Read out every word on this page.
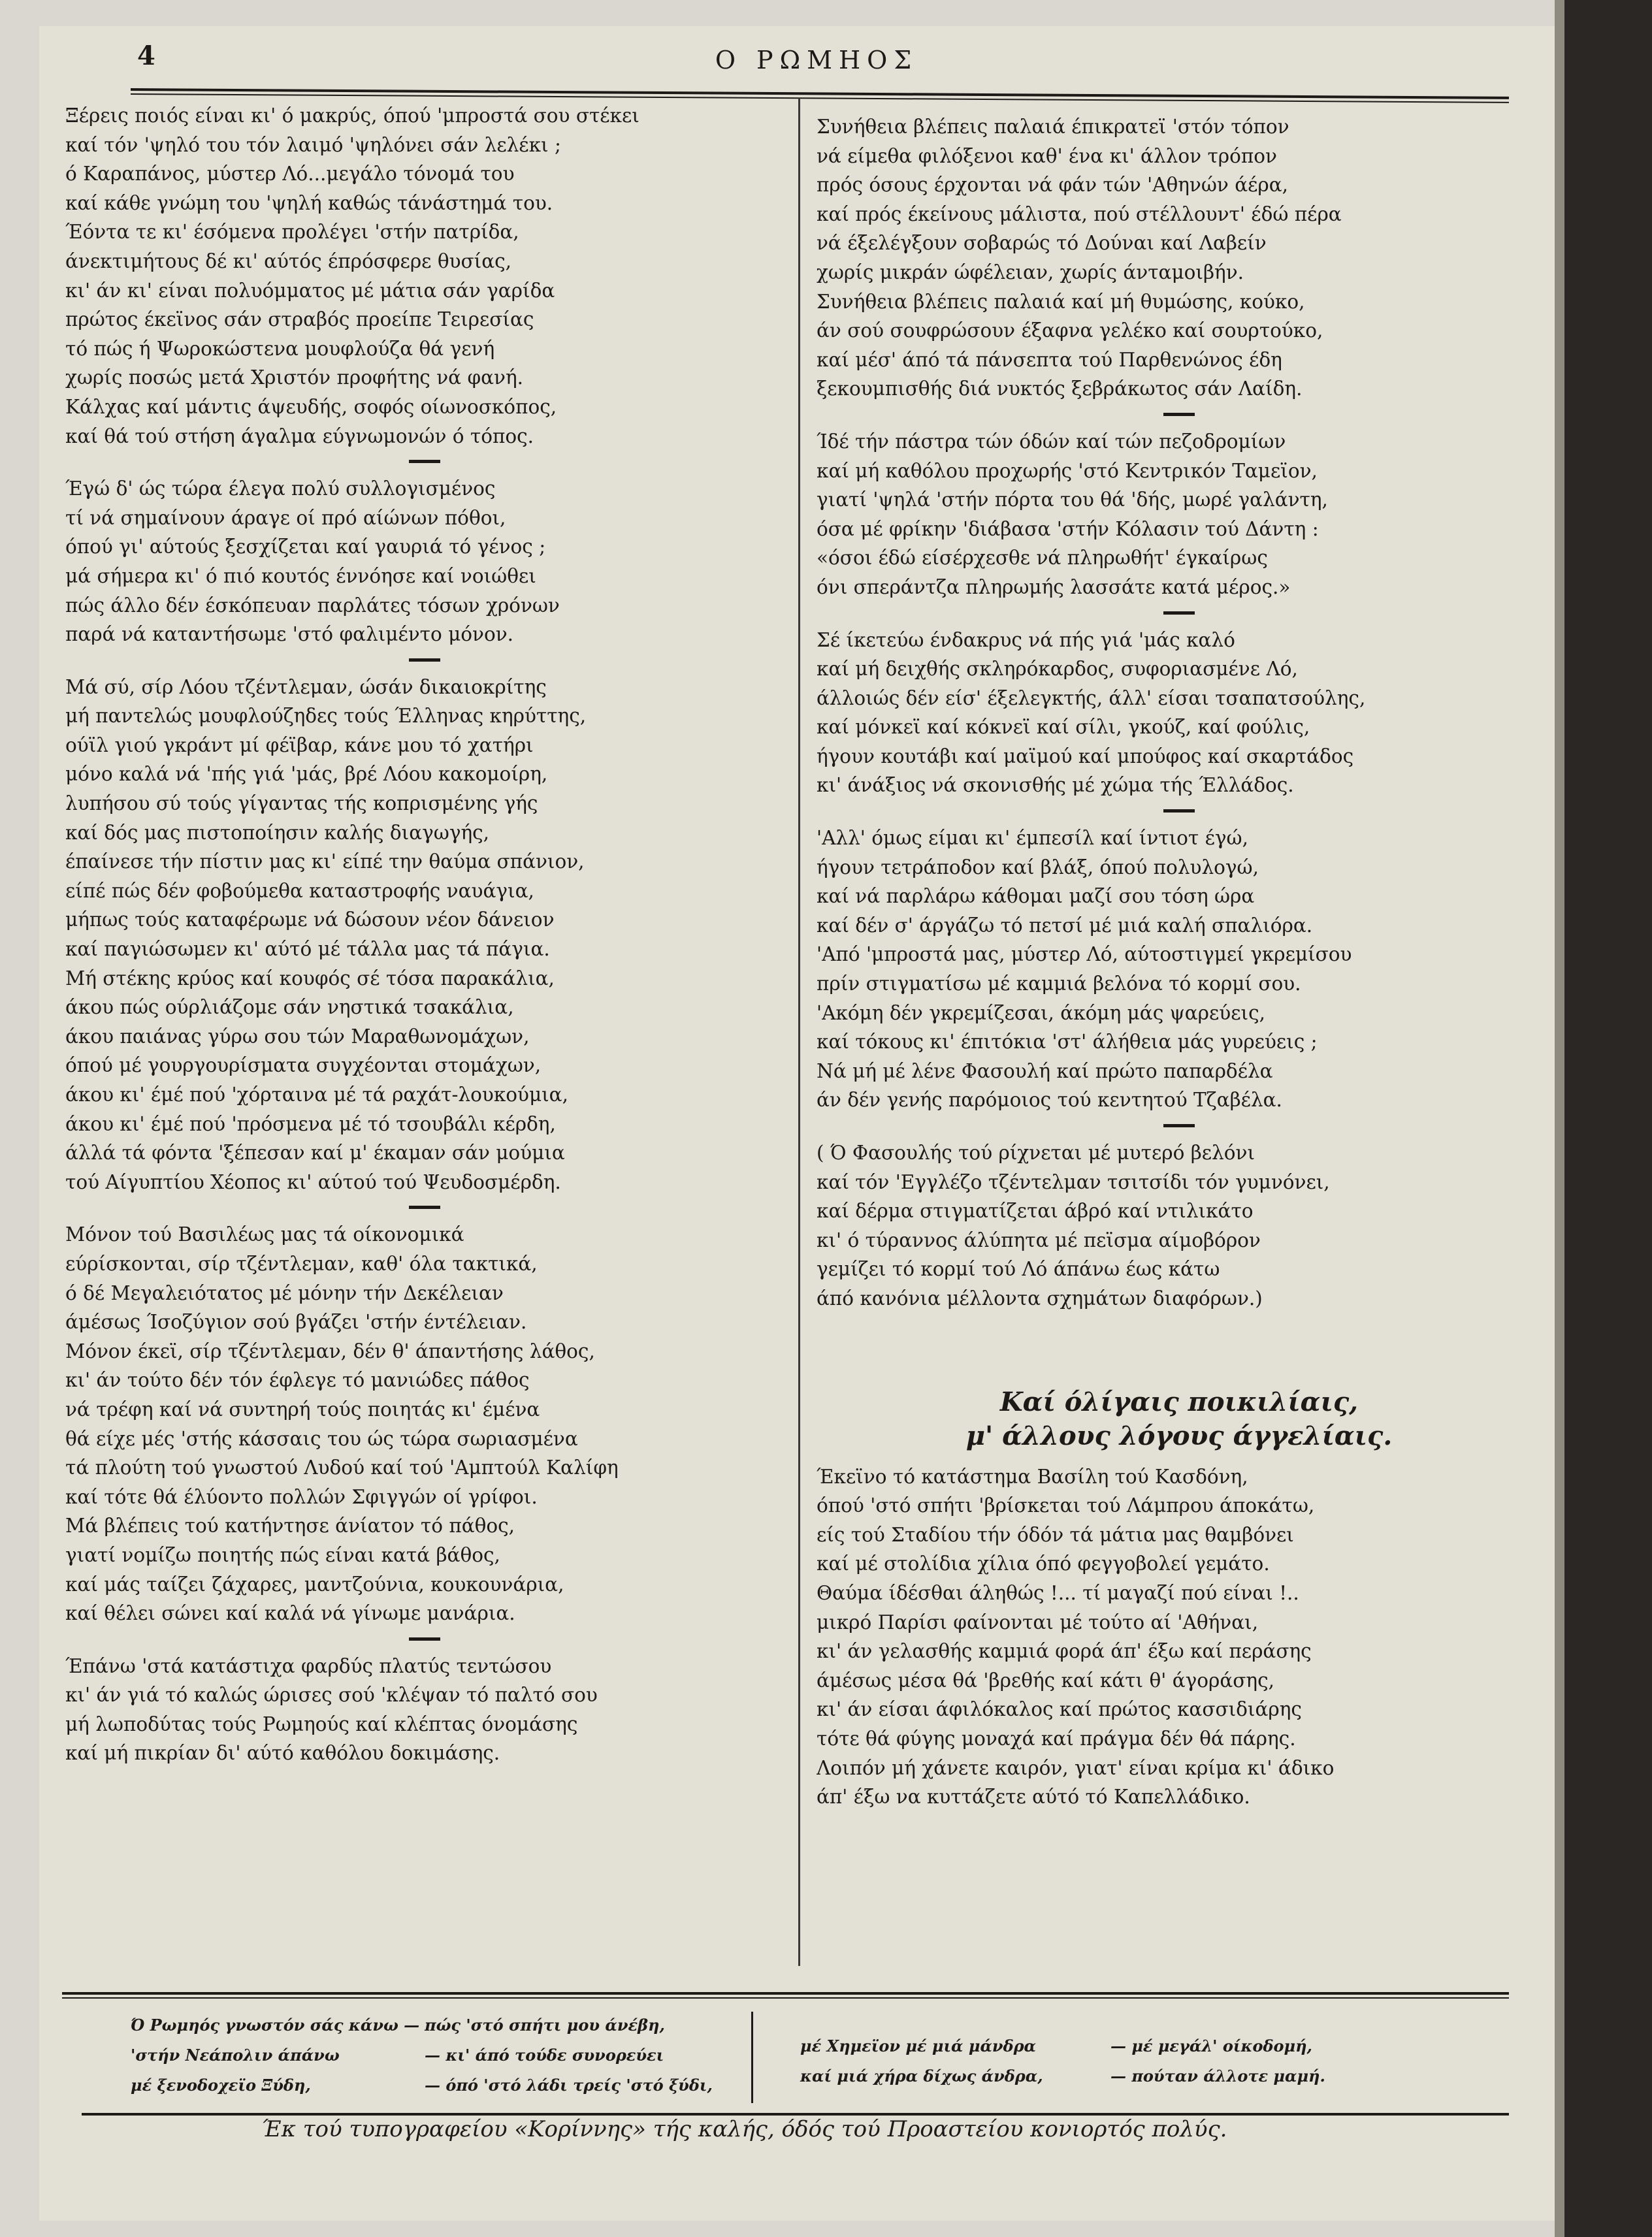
4	Ο ΡΩΜΗΟΣ
Ξέρεις ποιός είναι κι' ό μακρύς, όπού 'μπροστά σου στέκει
καί τόν 'ψηλό του τόν λαιμό 'ψηλόνει σάν λελέκι ;
ό Καραπάνος, μύστερ Λό...μεγάλο τόνομά του
καί κάθε γνώμη του 'ψηλή καθώς τάνάστημά του.
Έόντα τε κι' έσόμενα προλέγει 'στήν πατρίδα,
άνεκτιμήτους δέ κι' αύτός έπρόσφερε θυσίας,
κι' άν κι' είναι πολυόμματος μέ μάτια σάν γαρίδα
πρώτος έκεϊνος σάν στραβός προείπε Τειρεσίας
τό πώς ή Ψωροκώστενα μουφλούζα θά γενή
χωρίς ποσώς μετά Χριστόν προφήτης νά φανή.
Κάλχας καί μάντις άψευδής, σοφός οίωνοσκόπος,
καί θά τού στήση άγαλμα εύγνωμονών ό τόπος.
Έγώ δ' ώς τώρα έλεγα πολύ συλλογισμένος
τί νά σημαίνουν άραγε οί πρό αίώνων πόθοι,
όπού γι' αύτούς ξεσχίζεται καί γαυριά τό γένος ;
μά σήμερα κι' ό πιό κουτός έννόησε καί νοιώθει
πώς άλλο δέν έσκόπευαν παρλάτες τόσων χρόνων
παρά νά καταντήσωμε 'στό φαλιμέντο μόνον.
Μά σύ, σίρ Λόου τζέντλεμαν, ώσάν δικαιοκρίτης
μή παντελώς μουφλούζηδες τούς Έλληνας κηρύττης,
ούϊλ γιού γκράντ μί φέϊβαρ, κάνε μου τό χατήρι
μόνο καλά νά 'πής γιά 'μάς, βρέ Λόου κακομοίρη,
λυπήσου σύ τούς γίγαντας τής κοπρισμένης γής
καί δός μας πιστοποίησιν καλής διαγωγής,
έπαίνεσε τήν πίστιν μας κι' είπέ την θαύμα σπάνιον,
είπέ πώς δέν φοβούμεθα καταστροφής ναυάγια,
μήπως τούς καταφέρωμε νά δώσουν νέον δάνειον
καί παγιώσωμεν κι' αύτό μέ τάλλα μας τά πάγια.
Μή στέκης κρύος καί κουφός σέ τόσα παρακάλια,
άκου πώς ούρλιάζομε σάν νηστικά τσακάλια,
άκου παιάνας γύρω σου τών Μαραθωνομάχων,
όπού μέ γουργουρίσματα συγχέονται στομάχων,
άκου κι' έμέ πού 'χόρταινα μέ τά ραχάτ-λουκούμια,
άκου κι' έμέ πού 'πρόσμενα μέ τό τσουβάλι κέρδη,
άλλά τά φόντα 'ξέπεσαν καί μ' έκαμαν σάν μούμια
τού Αίγυπτίου Χέοπος κι' αύτού τού Ψευδοσμέρδη.
Μόνον τού Βασιλέως μας τά οίκονομικά
εύρίσκονται, σίρ τζέντλεμαν, καθ' όλα τακτικά,
ό δέ Μεγαλειότατος μέ μόνην τήν Δεκέλειαν
άμέσως Ίσοζύγιον σού βγάζει 'στήν έντέλειαν.
Μόνον έκεϊ, σίρ τζέντλεμαν, δέν θ' άπαντήσης λάθος,
κι' άν τούτο δέν τόν έφλεγε τό μανιώδες πάθος
νά τρέφη καί νά συντηρή τούς ποιητάς κι' έμένα
θά είχε μές 'στής κάσσαις του ώς τώρα σωριασμένα
τά πλούτη τού γνωστού Λυδού καί τού 'Αμπτούλ Καλίφη
καί τότε θά έλύοντο πολλών Σφιγγών οί γρίφοι.
Μά βλέπεις τού κατήντησε άνίατον τό πάθος,
γιατί νομίζω ποιητής πώς είναι κατά βάθος,
καί μάς ταίζει ζάχαρες, μαντζούνια, κουκουνάρια,
καί θέλει σώνει καί καλά νά γίνωμε μανάρια.
Έπάνω 'στά κατάστιχα φαρδύς πλατύς τεντώσου
κι' άν γιά τό καλώς ώρισες σού 'κλέψαν τό παλτό σου
μή λωποδύτας τούς Ρωμηούς καί κλέπτας όνομάσης
καί μή πικρίαν δι' αύτό καθόλου δοκιμάσης.
Συνήθεια βλέπεις παλαιά έπικρατεϊ 'στόν τόπον
νά είμεθα φιλόξενοι καθ' ένα κι' άλλον τρόπον
πρός όσους έρχονται νά φάν τών 'Αθηνών άέρα,
καί πρός έκείνους μάλιστα, πού στέλλουντ' έδώ πέρα
νά έξελέγξουν σοβαρώς τό Δούναι καί Λαβείν
χωρίς μικράν ώφέλειαν, χωρίς άνταμοιβήν.
Συνήθεια βλέπεις παλαιά καί μή θυμώσης, κούκο,
άν σού σουφρώσουν έξαφνα γελέκο καί σουρτούκο,
καί μέσ' άπό τά πάνσεπτα τού Παρθενώνος έδη
ξεκουμπισθής διά νυκτός ξεβράκωτος σάν Λαίδη.
Ίδέ τήν πάστρα τών όδών καί τών πεζοδρομίων
καί μή καθόλου προχωρής 'στό Κεντρικόν Ταμεϊον,
γιατί 'ψηλά 'στήν πόρτα του θά 'δής, μωρέ γαλάντη,
όσα μέ φρίκην 'διάβασα 'στήν Κόλασιν τού Δάντη :
«όσοι έδώ είσέρχεσθε νά πληρωθήτ' έγκαίρως
όνι σπεράντζα πληρωμής λασσάτε κατά μέρος.»
Σέ ίκετεύω ένδακρυς νά πής γιά 'μάς καλό
καί μή δειχθής σκληρόκαρδος, συφοριασμένε Λό,
άλλοιώς δέν είσ' έξελεγκτής, άλλ' είσαι τσαπατσούλης,
καί μόνκεϊ καί κόκνεϊ καί σίλι, γκούζ, καί φούλις,
ήγουν κουτάβι καί μαϊμού καί μπούφος καί σκαρτάδος
κι' άνάξιος νά σκονισθής μέ χώμα τής Έλλάδος.
'Αλλ' όμως είμαι κι' έμπεσίλ καί ίντιοτ έγώ,
ήγουν τετράποδον καί βλάξ, όπού πολυλογώ,
καί νά παρλάρω κάθομαι μαζί σου τόση ώρα
καί δέν σ' άργάζω τό πετσί μέ μιά καλή σπαλιόρα.
'Από 'μπροστά μας, μύστερ Λό, αύτοστιγμεί γκρεμίσου
πρίν στιγματίσω μέ καμμιά βελόνα τό κορμί σου.
'Ακόμη δέν γκρεμίζεσαι, άκόμη μάς ψαρεύεις,
καί τόκους κι' έπιτόκια 'στ' άλήθεια μάς γυρεύεις ;
Νά μή μέ λένε Φασουλή καί πρώτο παπαρδέλα
άν δέν γενής παρόμοιος τού κεντητού Τζαβέλα.
( Ό Φασουλής τού ρίχνεται μέ μυτερό βελόνι
καί τόν 'Εγγλέζο τζέντελμαν τσιτσίδι τόν γυμνόνει,
καί δέρμα στιγματίζεται άβρό καί ντιλικάτο
κι' ό τύραννος άλύπητα μέ πεϊσμα αίμοβόρον
γεμίζει τό κορμί τού Λό άπάνω έως κάτω
άπό κανόνια μέλλοντα σχημάτων διαφόρων.)
Καί όλίγαις ποικιλίαις,
μ' άλλους λόγους άγγελίαις.
Έκεϊνο τό κατάστημα Βασίλη τού Κασδόνη,
όπού 'στό σπήτι 'βρίσκεται τού Λάμπρου άποκάτω,
είς τού Σταδίου τήν όδόν τά μάτια μας θαμβόνει
καί μέ στολίδια χίλια όπό φεγγοβολεί γεμάτο.
Θαύμα ίδέσθαι άληθώς !... τί μαγαζί πού είναι !..
μικρό Παρίσι φαίνονται μέ τούτο αί 'Αθήναι,
κι' άν γελασθής καμμιά φορά άπ' έξω καί περάσης
άμέσως μέσα θά 'βρεθής καί κάτι θ' άγοράσης,
κι' άν είσαι άφιλόκαλος καί πρώτος κασσιδιάρης
τότε θά φύγης μοναχά καί πράγμα δέν θά πάρης.
Λοιπόν μή χάνετε καιρόν, γιατ' είναι κρίμα κι' άδικο
άπ' έξω να κυττάζετε αύτό τό Καπελλάδικο.
Ό Ρωμηός γνωστόν σάς κάνω —
'στήν Νεάπολιν άπάνω
μέ ξενοδοχεϊο Ξύδη,
πώς 'στό σπήτι μου άνέβη,
— κι' άπό τούδε συνορεύει
— όπό 'στό λάδι τρείς 'στό ξύδι,
μέ Χημεϊον μέ μιά μάνδρα
καί μιά χήρα δίχως άνδρα,
— μέ μεγάλ' οίκοδομή,
— πούταν άλλοτε μαμή.
Έκ τού τυπογραφείου «Κορίννης» τής καλής, όδός τού Προαστείου κονιορτός πολύς.
